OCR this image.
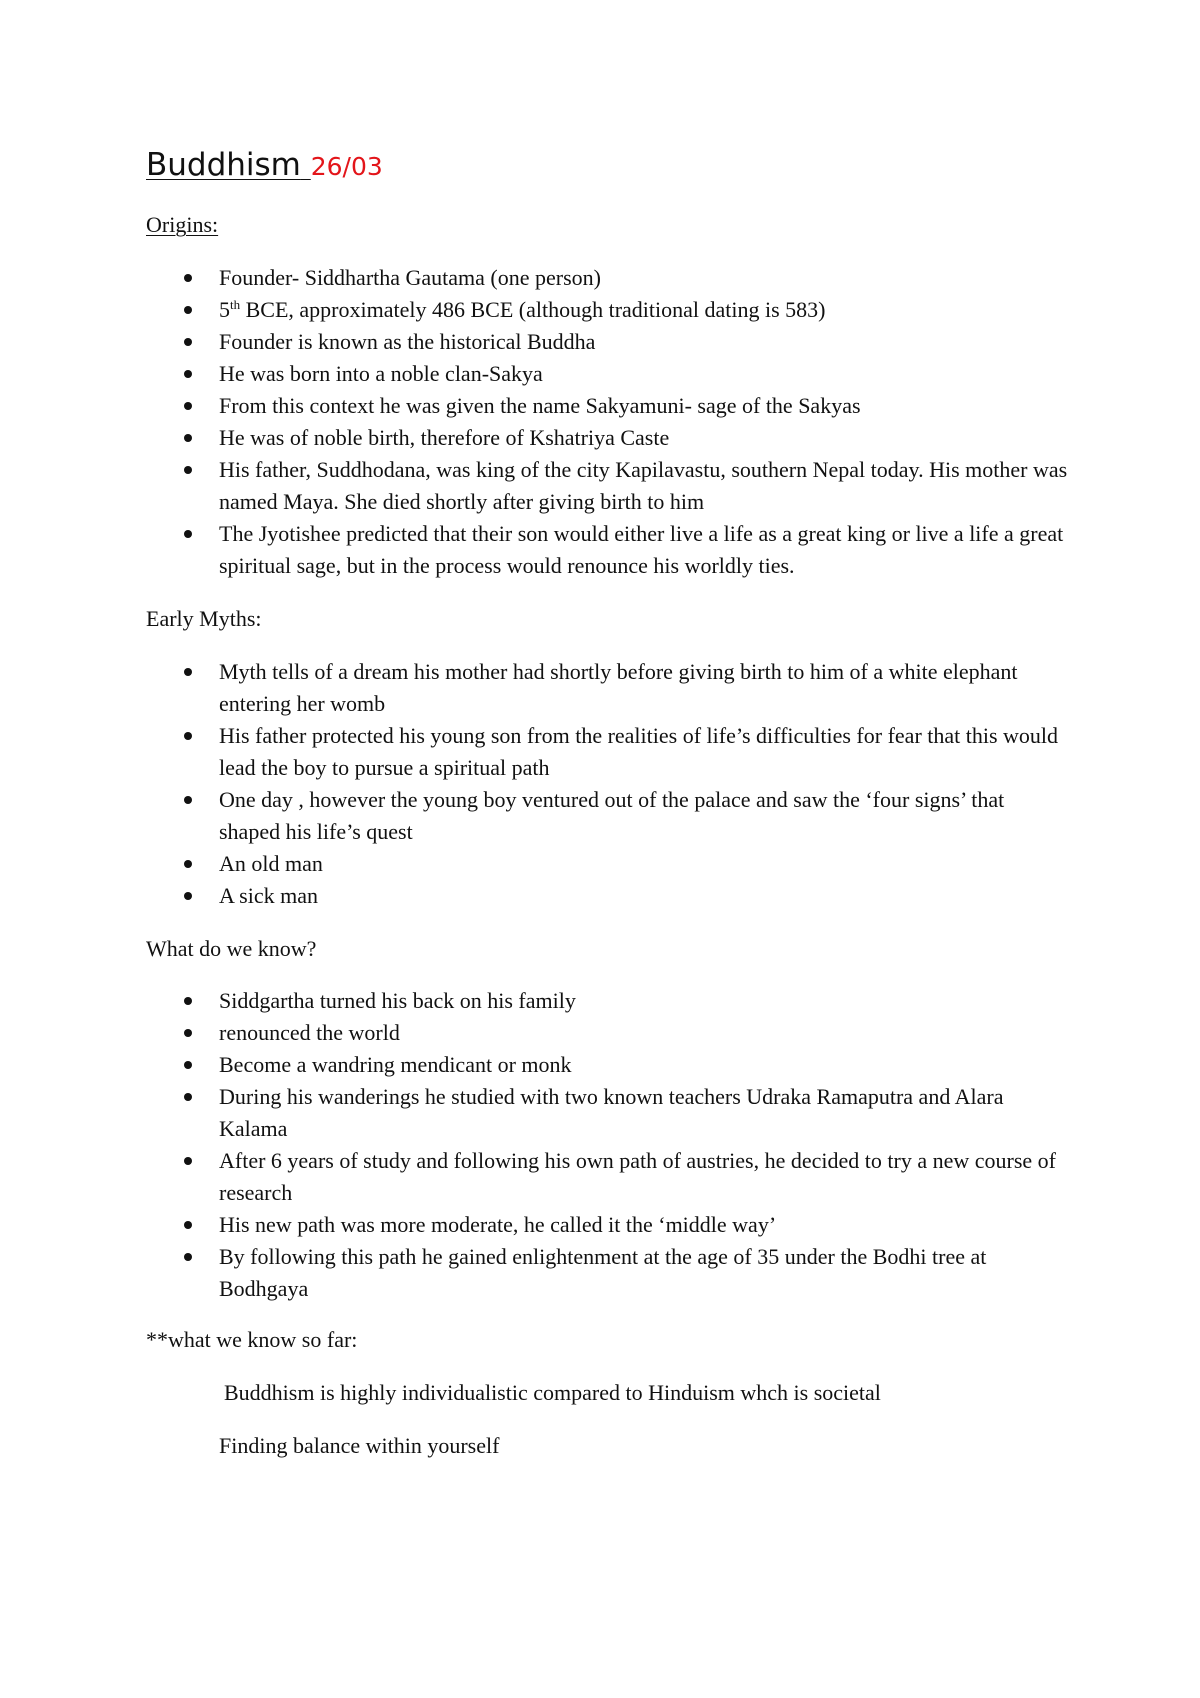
Buddhism 26/03

Origins:

Founder- Siddhartha Gautama (one person)
5th BCE, approximately 486 BCE (although traditional dating is 583)
Founder is known as the historical Buddha
He was born into a noble clan-Sakya
From this context he was given the name Sakyamuni- sage of the Sakyas
He was of noble birth, therefore of Kshatriya Caste
His father, Suddhodana, was king of the city Kapilavastu, southern Nepal today. His mother was named Maya. She died shortly after giving birth to him
The Jyotishee predicted that their son would either live a life as a great king or live a life a great spiritual sage, but in the process would renounce his worldly ties.

Early Myths:

Myth tells of a dream his mother had shortly before giving birth to him of a white elephant entering her womb
His father protected his young son from the realities of life’s difficulties for fear that this would lead the boy to pursue a spiritual path
One day , however the young boy ventured out of the palace and saw the ‘four signs’ that shaped his life’s quest
An old man
A sick man

What do we know?

Siddgartha turned his back on his family
renounced the world
Become a wandring mendicant or monk
During his wanderings he studied with two known teachers Udraka Ramaputra and Alara Kalama
After 6 years of study and following his own path of austries, he decided to try a new course of research
His new path was more moderate, he called it the ‘middle way’
By following this path he gained enlightenment at the age of 35 under the Bodhi tree at Bodhgaya

**what we know so far:

Buddhism is highly individualistic compared to Hinduism whch is societal

Finding balance within yourself
